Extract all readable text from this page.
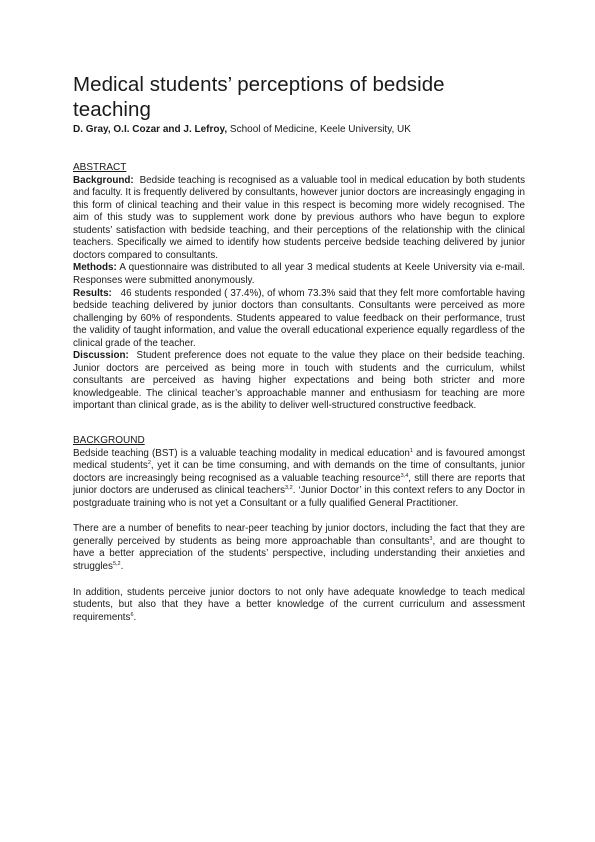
Medical students’ perceptions of bedside teaching
D. Gray, O.I. Cozar and J. Lefroy, School of Medicine, Keele University, UK
ABSTRACT

Background: Bedside teaching is recognised as a valuable tool in medical education by both students and faculty. It is frequently delivered by consultants, however junior doctors are increasingly engaging in this form of clinical teaching and their value in this respect is becoming more widely recognised. The aim of this study was to supplement work done by previous authors who have begun to explore students’ satisfaction with bedside teaching, and their perceptions of the relationship with the clinical teachers. Specifically we aimed to identify how students perceive bedside teaching delivered by junior doctors compared to consultants.

Methods: A questionnaire was distributed to all year 3 medical students at Keele University via e-mail. Responses were submitted anonymously.

Results: 46 students responded ( 37.4%), of whom 73.3% said that they felt more comfortable having bedside teaching delivered by junior doctors than consultants. Consultants were perceived as more challenging by 60% of respondents. Students appeared to value feedback on their performance, trust the validity of taught information, and value the overall educational experience equally regardless of the clinical grade of the teacher.

Discussion: Student preference does not equate to the value they place on their bedside teaching. Junior doctors are perceived as being more in touch with students and the curriculum, whilst consultants are perceived as having higher expectations and being both stricter and more knowledgeable. The clinical teacher’s approachable manner and enthusiasm for teaching are more important than clinical grade, as is the ability to deliver well-structured constructive feedback.

BACKGROUND

Bedside teaching (BST) is a valuable teaching modality in medical education$^1$ and is favoured amongst medical students$^2$, yet it can be time consuming, and with demands on the time of consultants, junior doctors are increasingly being recognised as a valuable teaching resource$^{3,4}$, still there are reports that junior doctors are underused as clinical teachers$^{3,2}$. ‘Junior Doctor’ in this context refers to any Doctor in postgraduate training who is not yet a Consultant or a fully qualified General Practitioner.

There are a number of benefits to near-peer teaching by junior doctors, including the fact that they are generally perceived by students as being more approachable than consultants$^3$, and are thought to have a better appreciation of the students’ perspective, including understanding their anxieties and struggles$^{5,2}$.

In addition, students perceive junior doctors to not only have adequate knowledge to teach medical students, but also that they have a better knowledge of the current curriculum and assessment requirements$^6$.
